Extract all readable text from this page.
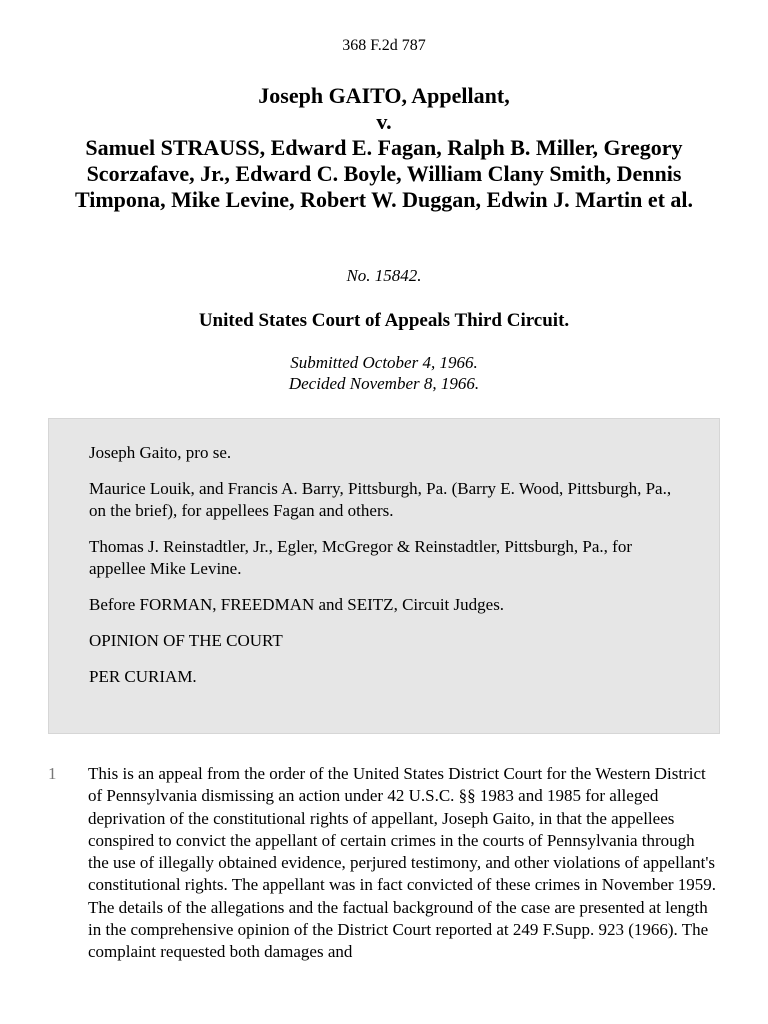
368 F.2d 787
Joseph GAITO, Appellant,
v.
Samuel STRAUSS, Edward E. Fagan, Ralph B. Miller, Gregory Scorzafave, Jr., Edward C. Boyle, William Clany Smith, Dennis Timpona, Mike Levine, Robert W. Duggan, Edwin J. Martin et al.
No. 15842.
United States Court of Appeals Third Circuit.
Submitted October 4, 1966.
Decided November 8, 1966.

Joseph Gaito, pro se.

Maurice Louik, and Francis A. Barry, Pittsburgh, Pa. (Barry E. Wood, Pittsburgh, Pa., on the brief), for appellees Fagan and others.

Thomas J. Reinstadtler, Jr., Egler, McGregor & Reinstadtler, Pittsburgh, Pa., for appellee Mike Levine.

Before FORMAN, FREEDMAN and SEITZ, Circuit Judges.

OPINION OF THE COURT

PER CURIAM.

1	This is an appeal from the order of the United States District Court for the Western District of Pennsylvania dismissing an action under 42 U.S.C. §§ 1983 and 1985 for alleged deprivation of the constitutional rights of appellant, Joseph Gaito, in that the appellees conspired to convict the appellant of certain crimes in the courts of Pennsylvania through the use of illegally obtained evidence, perjured testimony, and other violations of appellant's constitutional rights. The appellant was in fact convicted of these crimes in November 1959. The details of the allegations and the factual background of the case are presented at length in the comprehensive opinion of the District Court reported at 249 F.Supp. 923 (1966). The complaint requested both damages and
